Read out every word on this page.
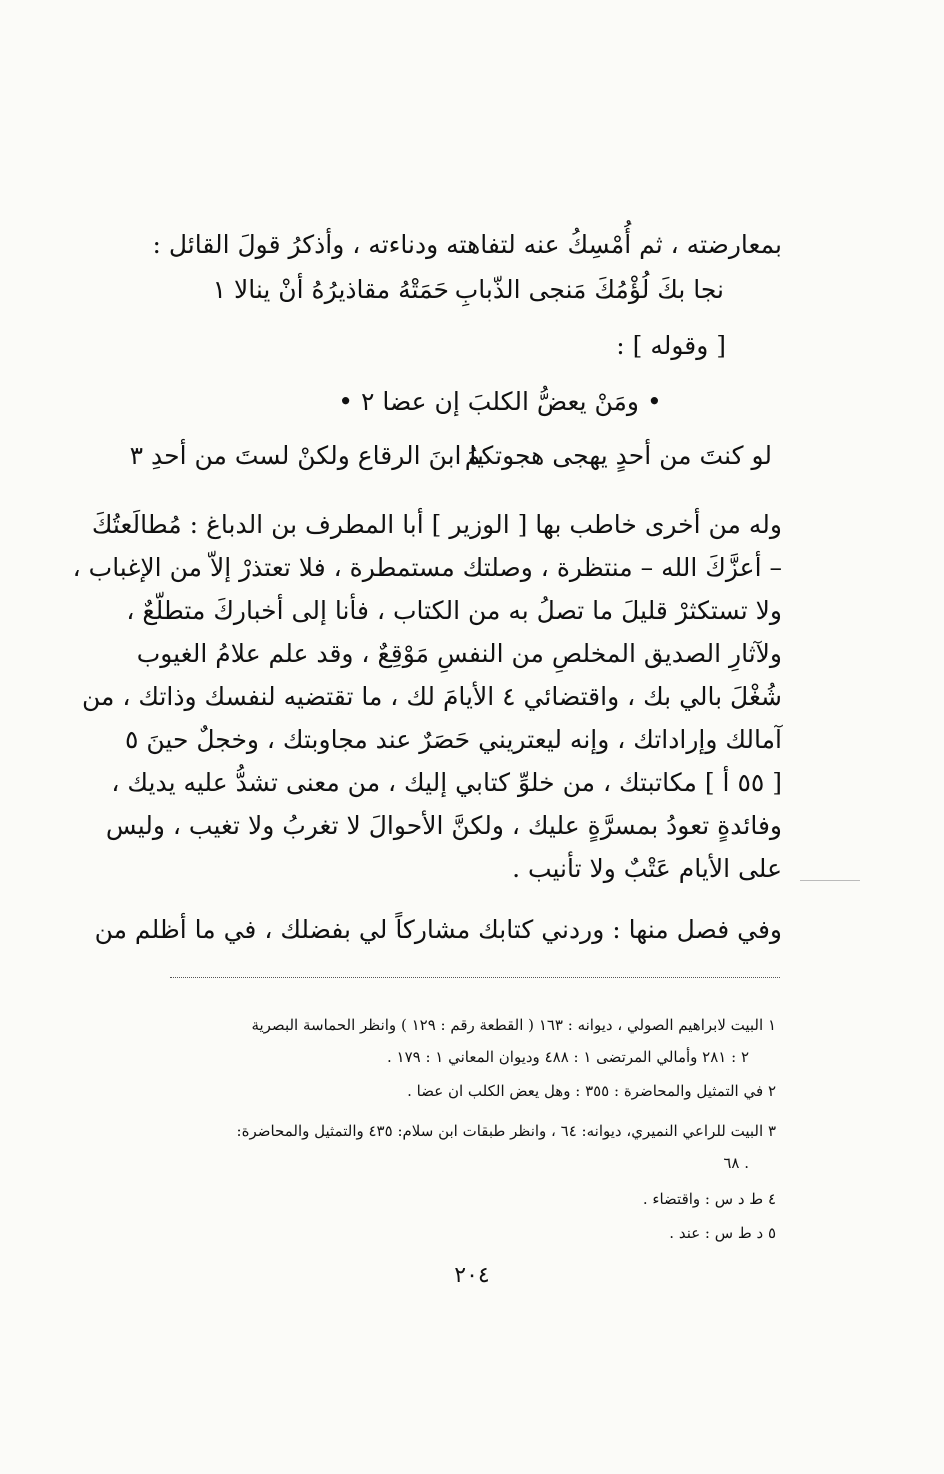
بمعارضته ، ثم أُمْسِكُ عنه لتفاهته ودناءته ، وأذكرُ قولَ القائل :
نجا بكَ لُؤْمُكَ مَنجى الذّبابِ
حَمَتْهُ مقاذيرُهُ أنْ ينالا ١
[ وقوله ] :
• ومَنْ يعضُّ الكلبَ إن عضا ٢ •
لو كنتَ من أحدٍ يهجى هجوتكمُ
يا ابنَ الرقاع ولكنْ لستَ من أحدِ ٣
وله من أخرى خاطب بها [ الوزير ] أبا المطرف بن الدباغ : مُطالَعتُكَ
– أعزَّكَ الله – منتظرة ، وصلتك مستمطرة ، فلا تعتذرْ إلاّ من الإغباب ،
ولا تستكثرْ قليلَ ما تصلُ به من الكتاب ، فأنا إلى أخباركَ متطلّعٌ ،
ولآثارِ الصديق المخلصِ من النفسِ مَوْقِعٌ ، وقد علم علامُ الغيوب
شُغْلَ بالي بك ، واقتضائي ٤ الأيامَ لك ، ما تقتضيه لنفسك وذاتك ، من
آمالك وإراداتك ، وإنه ليعتريني حَصَرٌ عند مجاوبتك ، وخجلٌ حينَ ٥
[ ٥٥ أ ] مكاتبتك ، من خلوِّ كتابي إليك ، من معنى تشدُّ عليه يديك ،
وفائدةٍ تعودُ بمسرَّةٍ عليك ، ولكنَّ الأحوالَ لا تغربُ ولا تغيب ، وليس
على الأيام عَتْبٌ ولا تأنيب .
وفي فصل منها : وردني كتابك مشاركاً لي بفضلك ، في ما أظلم من
١ البيت لابراهيم الصولي ، ديوانه : ١٦٣ ( القطعة رقم : ١٢٩ ) وانظر الحماسة البصرية
٢ : ٢٨١ وأمالي المرتضى ١ : ٤٨٨ وديوان المعاني ١ : ١٧٩ .
٢ في التمثيل والمحاضرة : ٣٥٥ : وهل يعض الكلب ان عضا .
٣ البيت للراعي النميري، ديوانه: ٦٤ ، وانظر طبقات ابن سلام: ٤٣٥ والتمثيل والمحاضرة:
٦٨ .
٤ ط د س : واقتضاء .
٥ د ط س : عند .
٢٠٤
